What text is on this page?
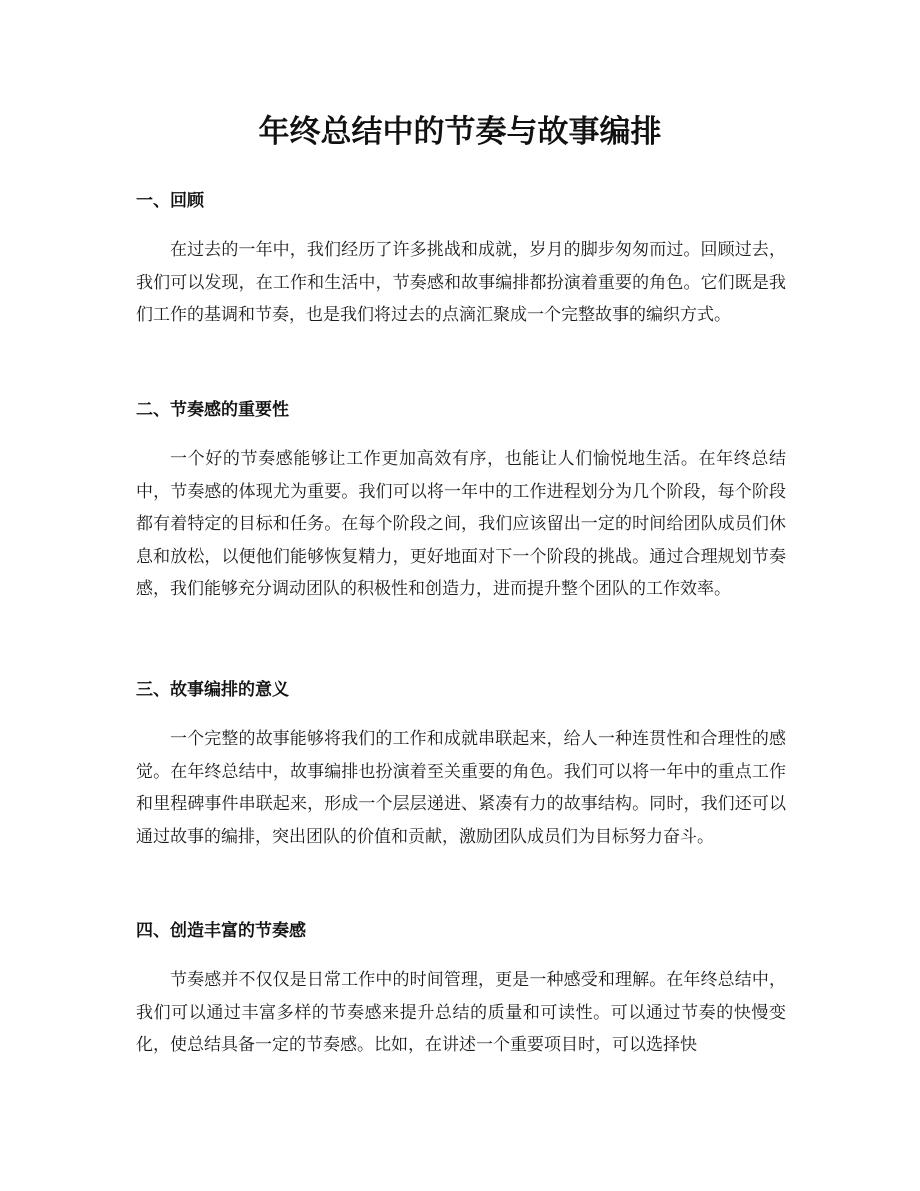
年终总结中的节奏与故事编排
一、回顾

在过去的一年中，我们经历了许多挑战和成就，岁月的脚步匆匆而过。回顾过去，我们可以发现，在工作和生活中，节奏感和故事编排都扮演着重要的角色。它们既是我们工作的基调和节奏，也是我们将过去的点滴汇聚成一个完整故事的编织方式。

二、节奏感的重要性

一个好的节奏感能够让工作更加高效有序，也能让人们愉悦地生活。在年终总结中，节奏感的体现尤为重要。我们可以将一年中的工作进程划分为几个阶段，每个阶段都有着特定的目标和任务。在每个阶段之间，我们应该留出一定的时间给团队成员们休息和放松，以便他们能够恢复精力，更好地面对下一个阶段的挑战。通过合理规划节奏感，我们能够充分调动团队的积极性和创造力，进而提升整个团队的工作效率。

三、故事编排的意义

一个完整的故事能够将我们的工作和成就串联起来，给人一种连贯性和合理性的感觉。在年终总结中，故事编排也扮演着至关重要的角色。我们可以将一年中的重点工作和里程碑事件串联起来，形成一个层层递进、紧凑有力的故事结构。同时，我们还可以通过故事的编排，突出团队的价值和贡献，激励团队成员们为目标努力奋斗。

四、创造丰富的节奏感

节奏感并不仅仅是日常工作中的时间管理，更是一种感受和理解。在年终总结中，我们可以通过丰富多样的节奏感来提升总结的质量和可读性。可以通过节奏的快慢变化，使总结具备一定的节奏感。比如，在讲述一个重要项目时，可以选择快
